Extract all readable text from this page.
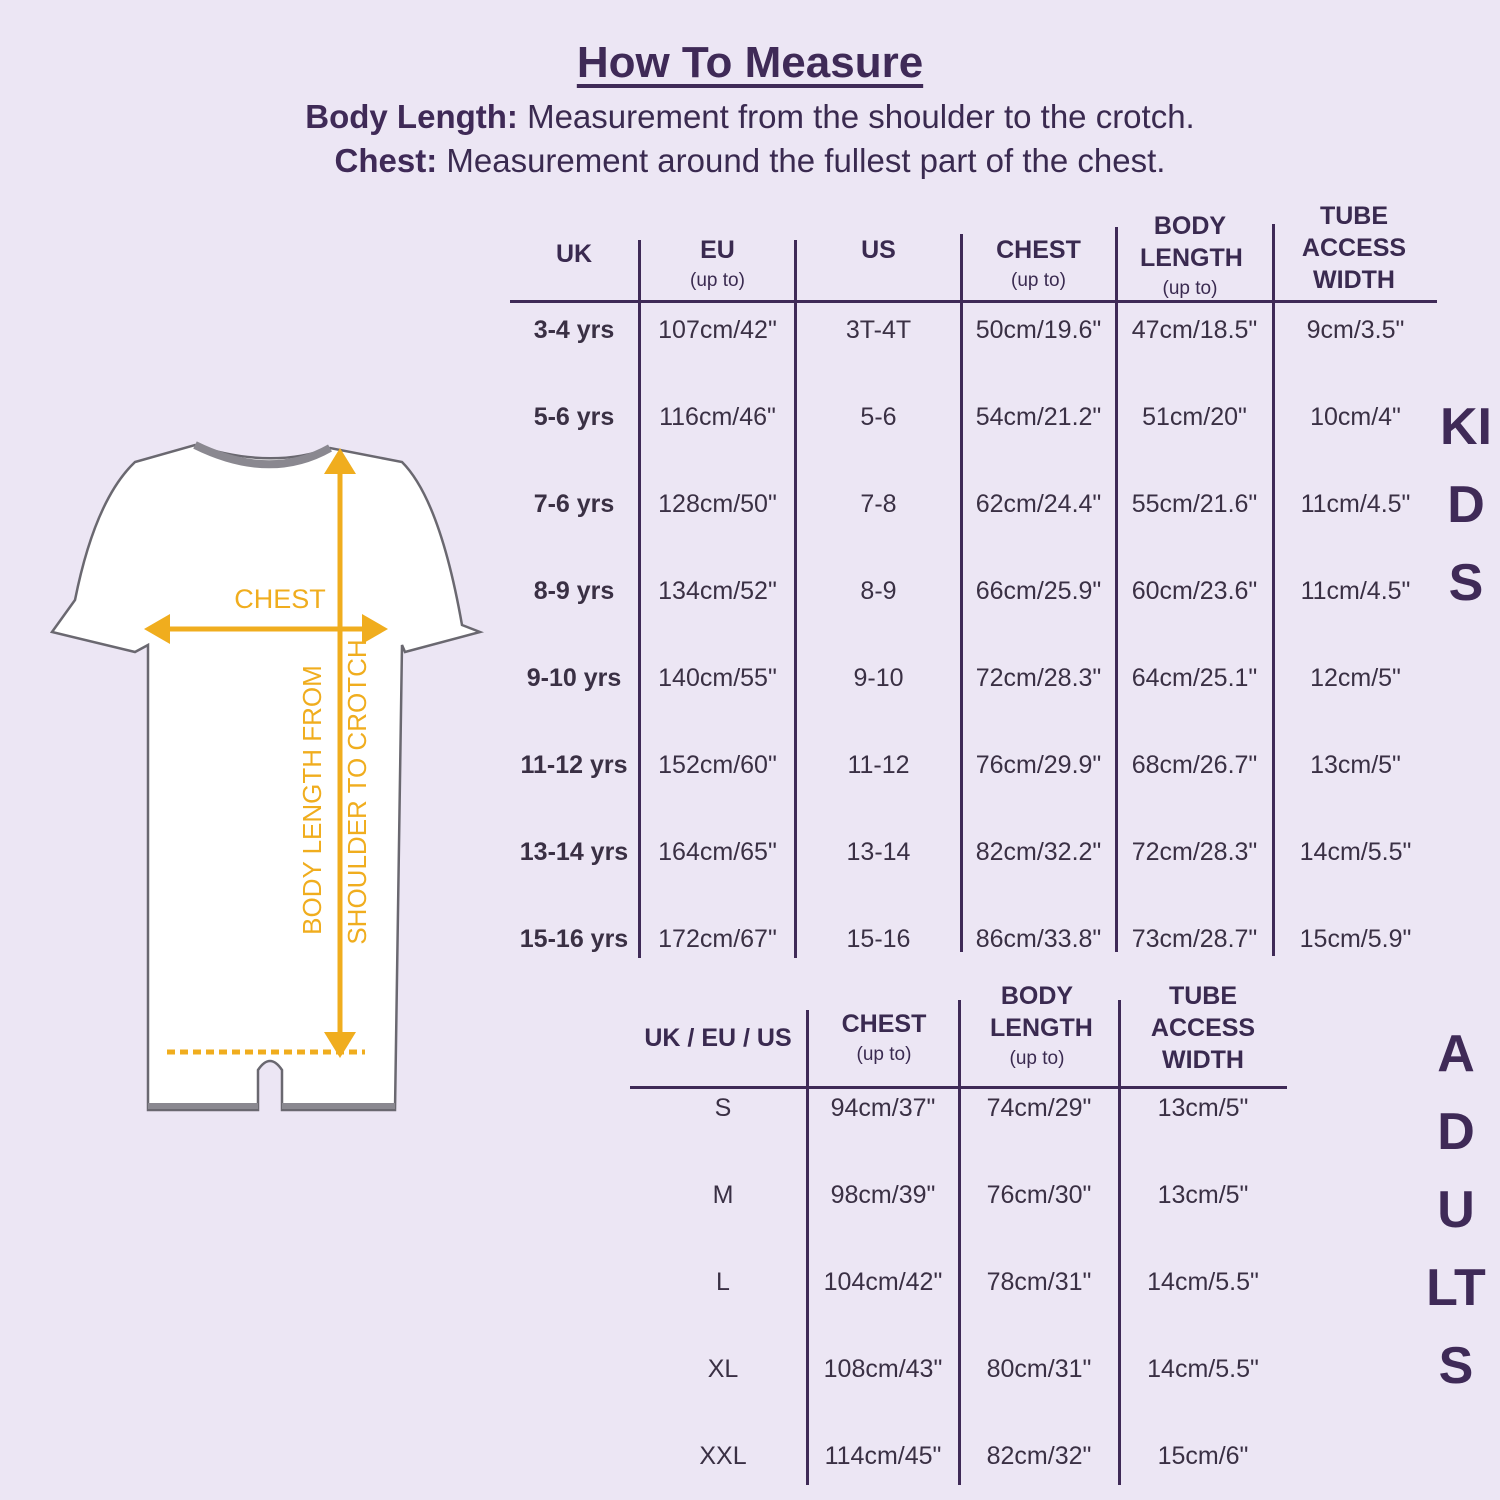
How To Measure
Body Length: Measurement from the shoulder to the crotch.
Chest: Measurement around the fullest part of the chest.
CHEST
BODY LENGTH FROM SHOULDER TO CROTCH
UK	EU
(up to)
US	CHEST
(up to)
BODY LENGTH
(up to)
TUBE ACCESS WIDTH
3-4 yrs	107cm/42"	3T-4T	50cm/19.6"	47cm/18.5"	9cm/3.5"
5-6 yrs	116cm/46"	5-6	54cm/21.2"	51cm/20"	10cm/4"
7-6 yrs	128cm/50"	7-8	62cm/24.4"	55cm/21.6"	11cm/4.5"
8-9 yrs	134cm/52"	8-9	66cm/25.9"	60cm/23.6"	11cm/4.5"
9-10 yrs	140cm/55"	9-10	72cm/28.3"	64cm/25.1"	12cm/5"
11-12 yrs	152cm/60"	11-12	76cm/29.9"	68cm/26.7"	13cm/5"
13-14 yrs	164cm/65"	13-14	82cm/32.2"	72cm/28.3"	14cm/5.5"
15-16 yrs	172cm/67"	15-16	86cm/33.8"	73cm/28.7"	15cm/5.9"
KIDS
UK / EU / US	CHEST
(up to)
BODY LENGTH
(up to)
TUBE ACCESS WIDTH
S	94cm/37"	74cm/29"	13cm/5"
M	98cm/39"	76cm/30"	13cm/5"
L	104cm/42"	78cm/31"	14cm/5.5"
XL	108cm/43"	80cm/31"	14cm/5.5"
XXL	114cm/45"	82cm/32"	15cm/6"
ADULTS
